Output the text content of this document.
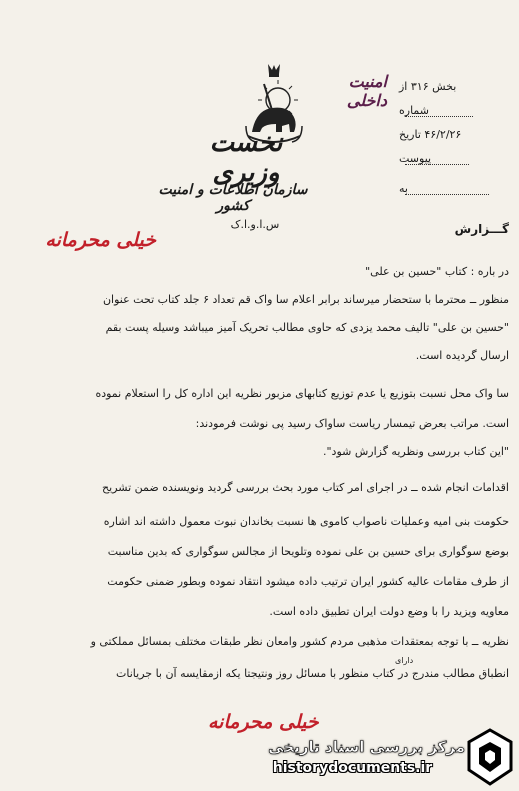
نخست وزیری
سازمان اطلاعات و امنیت کشور
س.ا.و.ا.ک
امنیت داخلی
از بخش ۳۱۶
شماره
تاریخ ۴۶/۲/۲۶
پیوست
به
گـــزارش
خیلی محرمانه
در باره : کتاب "حسین بن علی"
منظور ــ محترما با ستحضار میرساند برابر اعلام سا واک قم تعداد ۶ جلد کتاب تحت عنوان
"حسین بن علی" تالیف محمد یزدی که حاوی مطالب تحریک آمیز میباشد وسیله پست بقم
ارسال گردیده است.
سا واک محل نسبت بتوزیع یا عدم توزیع کتابهای مزبور نظریه این اداره کل را استعلام نموده
است. مراتب بعرض تیمسار ریاست ساواک رسید پی نوشت فرمودند:
"این کتاب بررسی ونظریه گزارش شود".
اقدامات انجام شده ــ در اجرای امر کتاب مورد بحث بررسی گردید ونویسنده ضمن تشریح
حکومت بنی امیه وعملیات ناصواب کاموی ها نسبت بخاندان نبوت معمول داشته اند اشاره
بوضع سوگواری برای حسین بن علی نموده وتلویحا از مجالس سوگواری که بدین مناسبت
از طرف مقامات عالیه کشور ایران ترتیب داده میشود انتقاد نموده وبطور ضمنی حکومت
معاویه ویزید را با وضع دولت ایران تطبیق داده است.
نظریه ــ با توجه بمعتقدات مذهبی مردم کشور وامعان نظر طبقات مختلف بمسائل مملکتی و
دارای
انطباق مطالب مندرج در کتاب منظور با مسائل روز ونتیجتا یکه ازمقایسه آن با جریانات
خیلی محرمانه
مرکز بررسی اسناد تاریخی
historydocuments.ir
